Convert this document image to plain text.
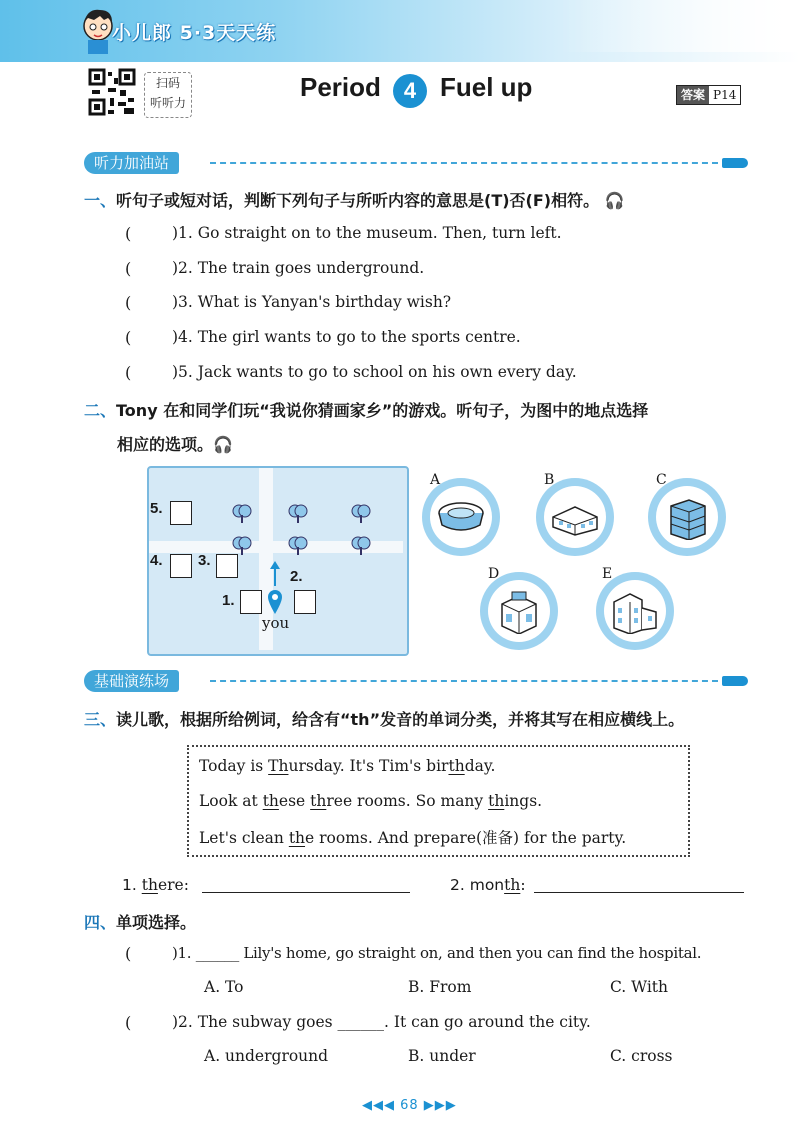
小儿郎 5·3天天练
扫码
听听力
Period	4 Fuel up	答案 P14
听力加油站
一、听句子或短对话，判断下列句子与所听内容的意思是(T)否(F)相符。 🎧
(	)1. Go straight on to the museum. Then, turn left.
(	)2. The train goes underground.
(	)3. What is Yanyan's birthday wish?
(	)4. The girl wants to go to the sports centre.
(	)5. Jack wants to go to school on his own every day.
二、Tony 在和同学们玩“我说你猜画家乡”的游戏。听句子，为图中的地点选择
相应的选项。🎧
5.
4. 3.
1.
2.
you
A	B	C
D	E
基础演练场
三、读儿歌，根据所给例词，给含有“th”发音的单词分类，并将其写在相应横线上。
Today is Thursday. It's Tim's birthday.
Look at these three rooms. So many things.
Let's clean the rooms. And prepare(准备) for the party.
1. there:	2. month:
四、单项选择。
(	)1. ______ Lily's home, go straight on, and then you can find the hospital.
A. To	B. From	C. With
(	)2. The subway goes ______. It can go around the city.
A. underground	B. under	C. cross
◀◀◀ 68 ▶▶▶
